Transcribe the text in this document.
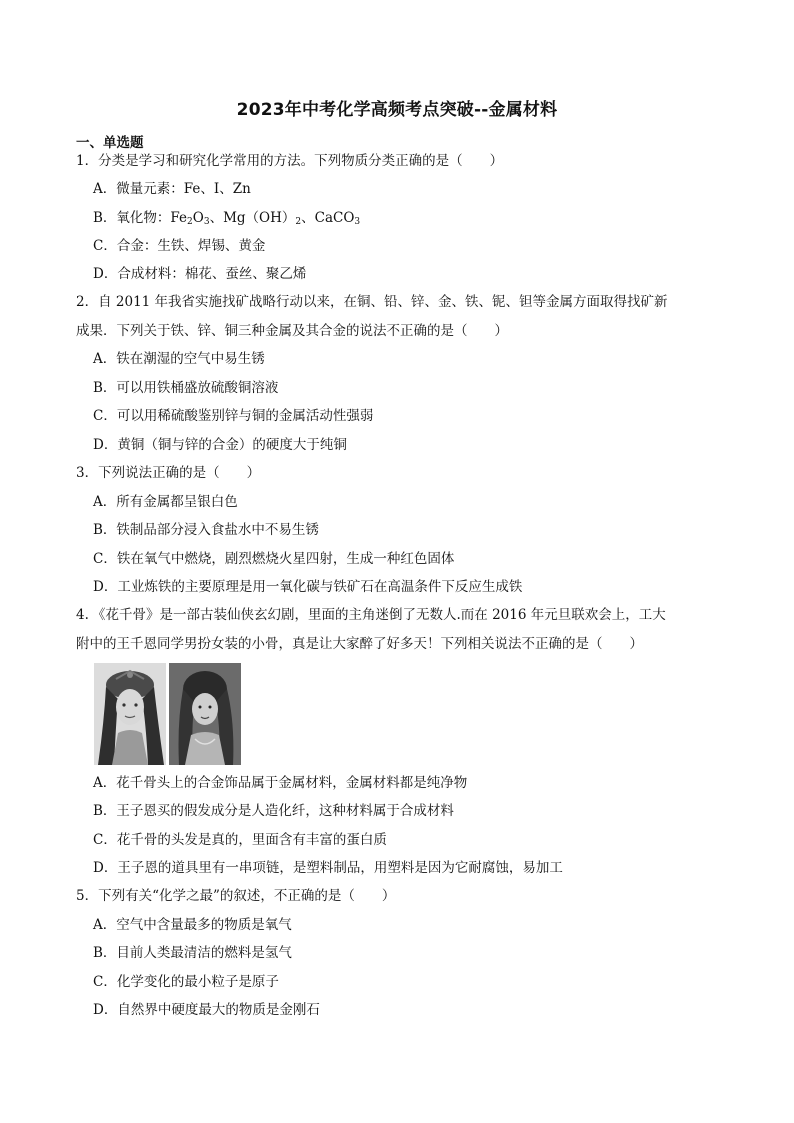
2023年中考化学高频考点突破--金属材料
一、单选题
1．分类是学习和研究化学常用的方法。下列物质分类正确的是（　　）
A．微量元素：Fe、I、Zn
B．氧化物：$Fe_2O_3$、$Mg(OH)_2$、CaCO$_3$
C．合金：生铁、焊锡、黄金
D．合成材料：棉花、蚕丝、聚乙烯
2．自 2011 年我省实施找矿战略行动以来，在铜、铅、锌、金、铁、铌、钽等金属方面取得找矿新
成果．下列关于铁、锌、铜三种金属及其合金的说法不正确的是（　　）
A．铁在潮湿的空气中易生锈
B．可以用铁桶盛放硫酸铜溶液
C．可以用稀硫酸鉴别锌与铜的金属活动性强弱
D．黄铜（铜与锌的合金）的硬度大于纯铜
3．下列说法正确的是（　　）
A．所有金属都呈银白色
B．铁制品部分浸入食盐水中不易生锈
C．铁在氧气中燃烧，剧烈燃烧火星四射，生成一种红色固体
D．工业炼铁的主要原理是用一氧化碳与铁矿石在高温条件下反应生成铁
4. 《花千骨》是一部古装仙侠玄幻剧，里面的主角迷倒了无数人.而在 2016 年元旦联欢会上，工大
附中的王千恩同学男扮女装的小骨，真是让大家醉了好多天！下列相关说法不正确的是（　　）
A．花千骨头上的合金饰品属于金属材料，金属材料都是纯净物
B．王子恩买的假发成分是人造化纤，这种材料属于合成材料
C．花千骨的头发是真的，里面含有丰富的蛋白质
D．王子恩的道具里有一串项链，是塑料制品，用塑料是因为它耐腐蚀，易加工
5．下列有关“化学之最”的叙述，不正确的是（　　）
A．空气中含量最多的物质是氧气
B．目前人类最清洁的燃料是氢气
C．化学变化的最小粒子是原子
D．自然界中硬度最大的物质是金刚石
